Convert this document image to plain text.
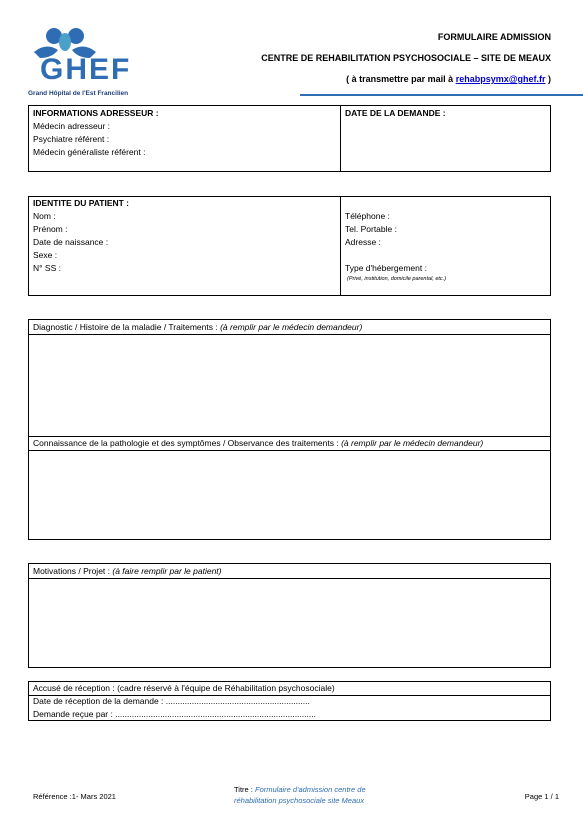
GHEF
Grand Hôpital de l'Est Francilien
FORMULAIRE ADMISSION
CENTRE DE REHABILITATION PSYCHOSOCIALE – SITE DE MEAUX
( à transmettre par mail à rehabpsymx@ghef.fr )
INFORMATIONS ADRESSEUR :
Médecin adresseur :
Psychiatre référent :
Médecin généraliste référent :
DATE DE LA DEMANDE :
IDENTITE DU PATIENT :
Nom :
Prénom :
Date de naissance :
Sexe :
N° SS :
Téléphone :
Tel. Portable :
Adresse :
Type d'hébergement :
(Privé, institution, domicile parental, etc.)
Diagnostic / Histoire de la maladie / Traitements : (à remplir par le médecin demandeur)
Connaissance de la pathologie et des symptômes / Observance des traitements : (à remplir par le médecin demandeur)
Motivations / Projet : (à faire remplir par le patient)
Accusé de réception : (cadre réservé à l'équipe de Réhabilitation psychosociale)
Date de réception de la demande : .............................................................
Demande reçue par : .....................................................................................
Référence :1- Mars 2021
Titre : Formulaire d'admission centre de
réhabilitation psychosociale site Meaux	Page 1 / 1
